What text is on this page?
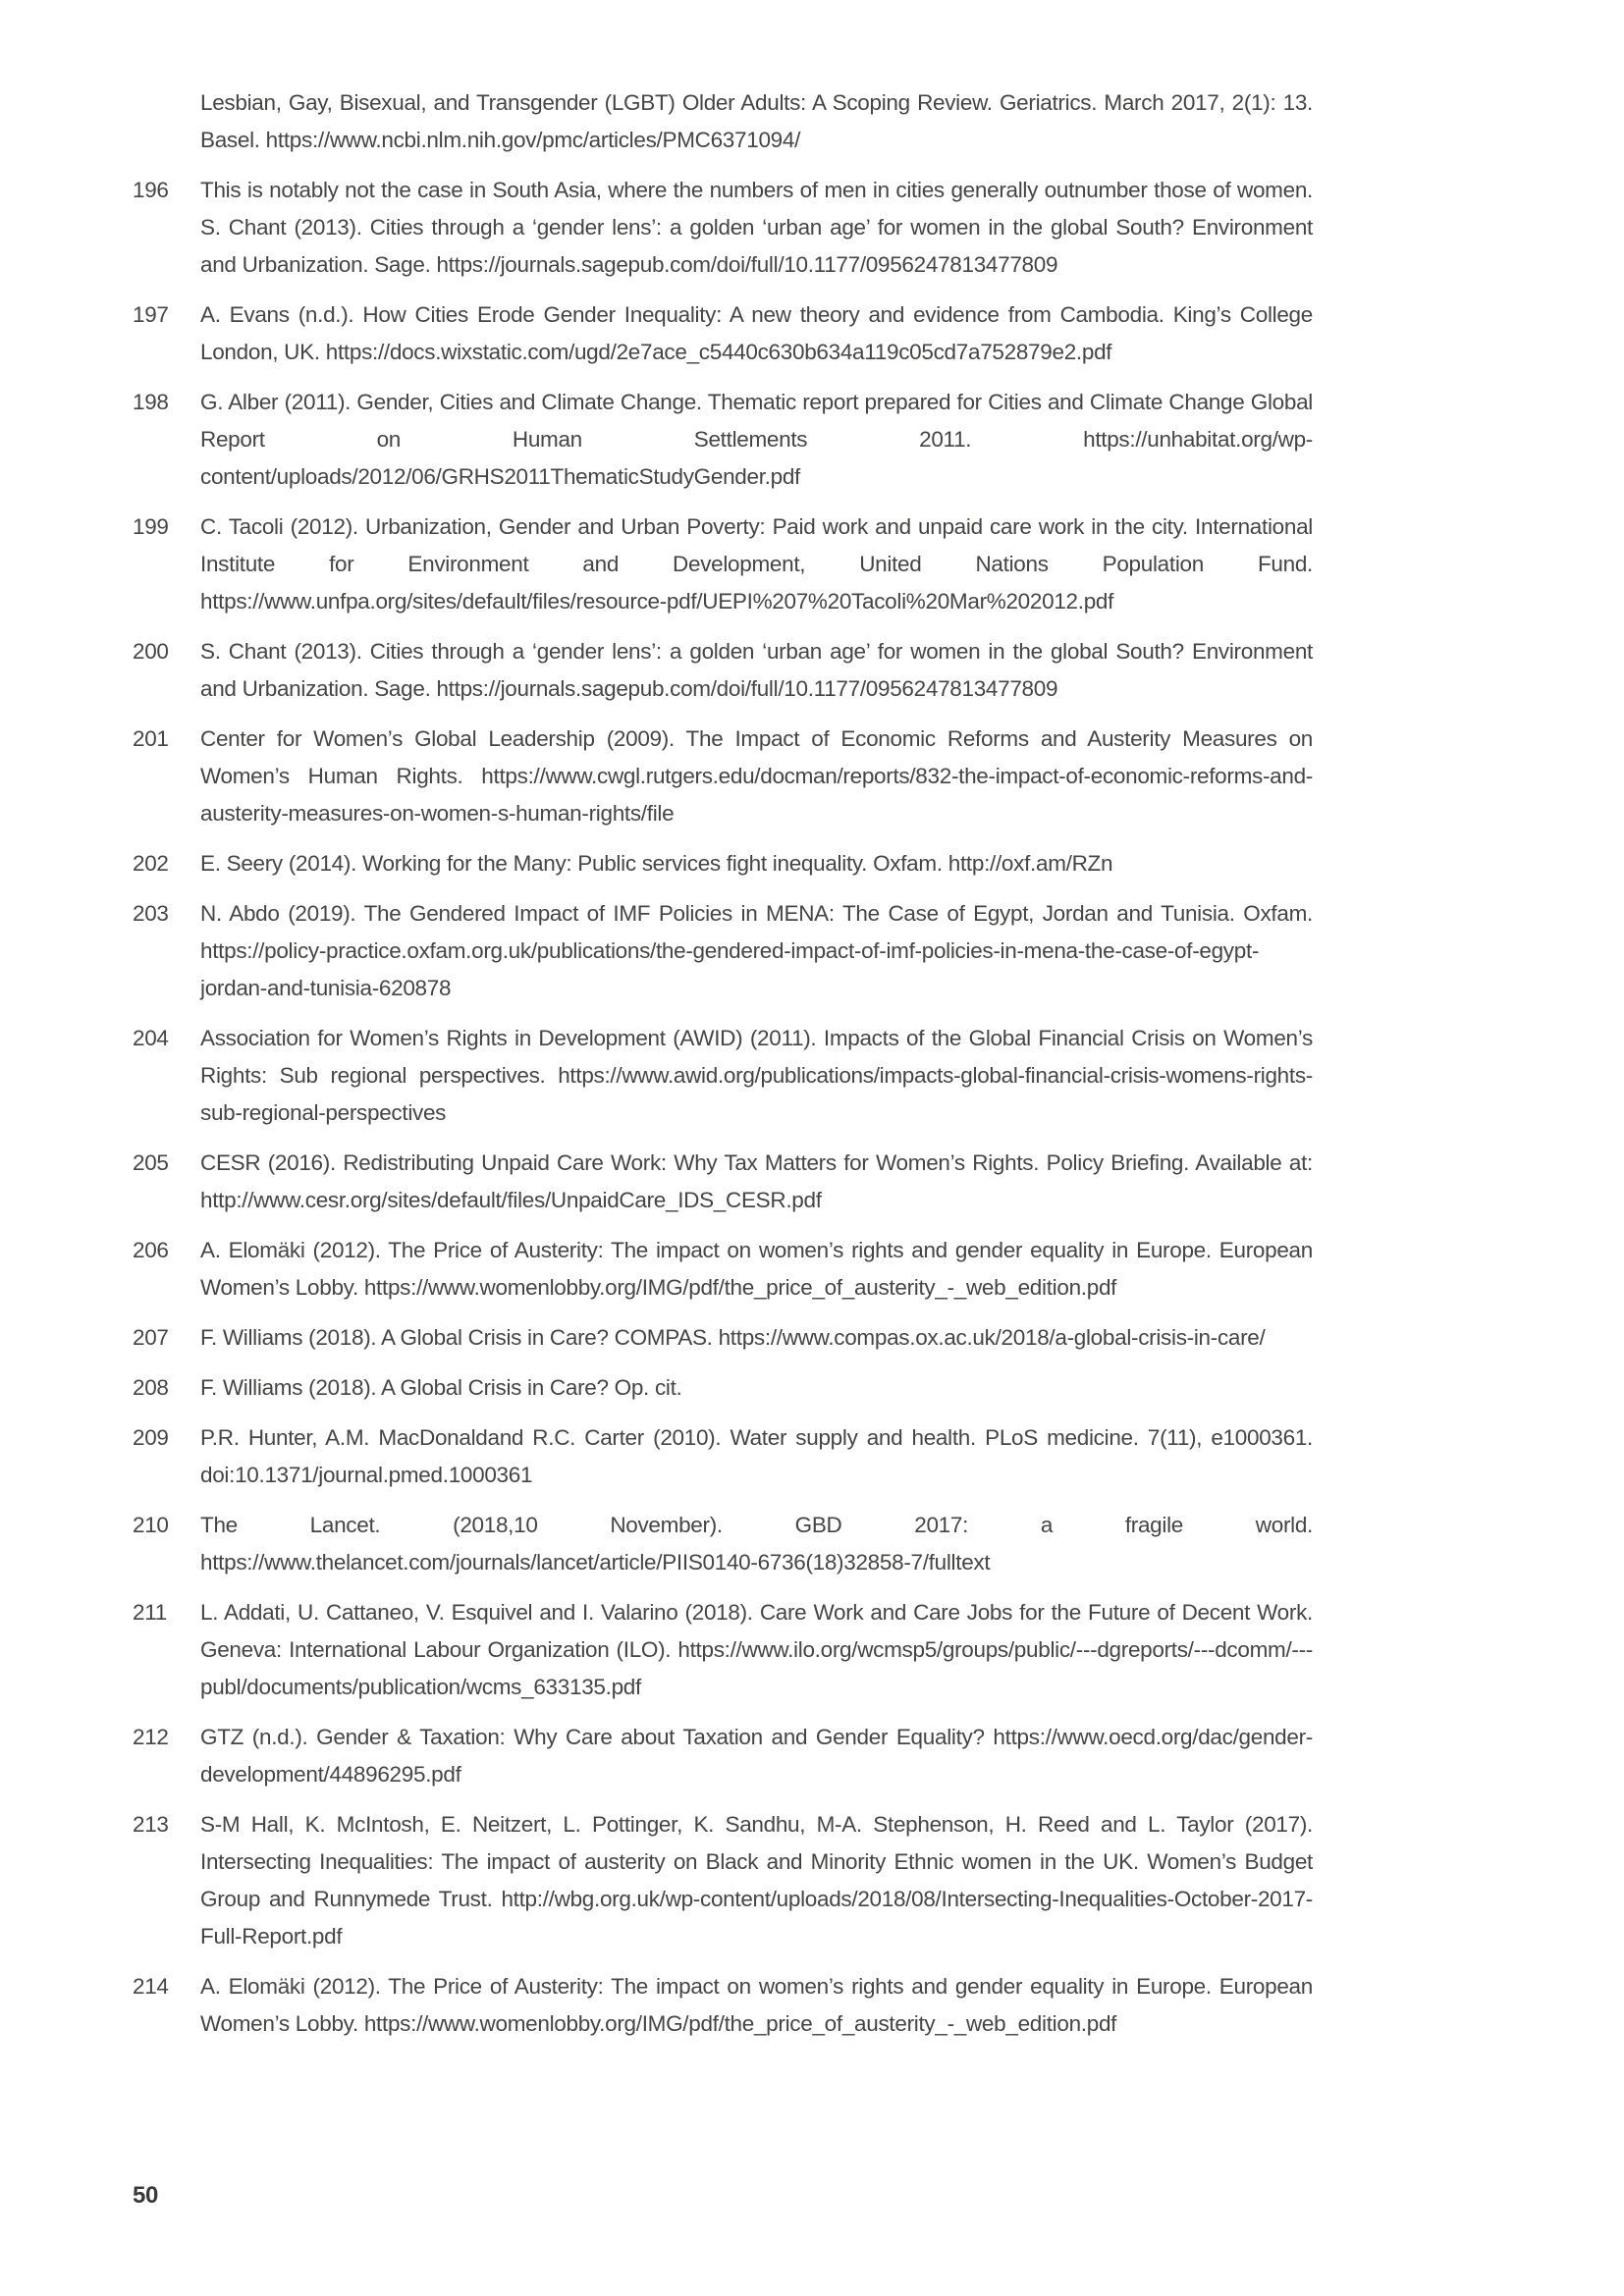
Lesbian, Gay, Bisexual, and Transgender (LGBT) Older Adults: A Scoping Review. Geriatrics. March 2017, 2(1): 13. Basel. https://www.ncbi.nlm.nih.gov/pmc/articles/PMC6371094/
196	This is notably not the case in South Asia, where the numbers of men in cities generally outnumber those of women. S. Chant (2013). Cities through a ‘gender lens’: a golden ‘urban age’ for women in the global South? Environment and Urbanization. Sage. https://journals.sagepub.com/doi/full/10.1177/0956247813477809
197	A. Evans (n.d.). How Cities Erode Gender Inequality: A new theory and evidence from Cambodia. King’s College London, UK. https://docs.wixstatic.com/ugd/2e7ace_c5440c630b634a119c05cd7a752879e2.pdf
198	G. Alber (2011). Gender, Cities and Climate Change. Thematic report prepared for Cities and Climate Change Global Report on Human Settlements 2011. https://unhabitat.org/wp-content/uploads/2012/06/GRHS2011ThematicStudyGender.pdf
199	C. Tacoli (2012). Urbanization, Gender and Urban Poverty: Paid work and unpaid care work in the city. International Institute for Environment and Development, United Nations Population Fund. https://www.unfpa.org/sites/default/files/resource-pdf/UEPI%207%20Tacoli%20Mar%202012.pdf
200	S. Chant (2013). Cities through a ‘gender lens’: a golden ‘urban age’ for women in the global South? Environment and Urbanization. Sage. https://journals.sagepub.com/doi/full/10.1177/0956247813477809
201	Center for Women’s Global Leadership (2009). The Impact of Economic Reforms and Austerity Measures on Women’s Human Rights. https://www.cwgl.rutgers.edu/docman/reports/832-the-impact-of-economic-reforms-and-austerity-measures-on-women-s-human-rights/file
202	E. Seery (2014). Working for the Many: Public services fight inequality. Oxfam. http://oxf.am/RZn
203	N. Abdo (2019). The Gendered Impact of IMF Policies in MENA: The Case of Egypt, Jordan and Tunisia. Oxfam. https://policy-practice.oxfam.org.uk/publications/the-gendered-impact-of-imf-policies-in-mena-the-case-of-egypt-jordan-and-tunisia-620878
204	Association for Women’s Rights in Development (AWID) (2011). Impacts of the Global Financial Crisis on Women’s Rights: Sub regional perspectives. https://www.awid.org/publications/impacts-global-financial-crisis-womens-rights-sub-regional-perspectives
205	CESR (2016). Redistributing Unpaid Care Work: Why Tax Matters for Women’s Rights. Policy Briefing. Available at: http://www.cesr.org/sites/default/files/UnpaidCare_IDS_CESR.pdf
206	A. Elomäki (2012). The Price of Austerity: The impact on women’s rights and gender equality in Europe. European Women’s Lobby. https://www.womenlobby.org/IMG/pdf/the_price_of_austerity_-_web_edition.pdf
207	F. Williams (2018). A Global Crisis in Care? COMPAS. https://www.compas.ox.ac.uk/2018/a-global-crisis-in-care/
208	F. Williams (2018). A Global Crisis in Care? Op. cit.
209	P.R. Hunter, A.M. MacDonaldand R.C. Carter (2010). Water supply and health. PLoS medicine. 7(11), e1000361. doi:10.1371/journal.pmed.1000361
210	The Lancet. (2018,10 November). GBD 2017: a fragile world. https://www.thelancet.com/journals/lancet/article/PIIS0140-6736(18)32858-7/fulltext
211	L. Addati, U. Cattaneo, V. Esquivel and I. Valarino (2018). Care Work and Care Jobs for the Future of Decent Work. Geneva: International Labour Organization (ILO). https://www.ilo.org/wcmsp5/groups/public/---dgreports/---dcomm/---publ/documents/publication/wcms_633135.pdf
212	GTZ (n.d.). Gender & Taxation: Why Care about Taxation and Gender Equality? https://www.oecd.org/dac/gender-development/44896295.pdf
213	S-M Hall, K. McIntosh, E. Neitzert, L. Pottinger, K. Sandhu, M-A. Stephenson, H. Reed and L. Taylor (2017). Intersecting Inequalities: The impact of austerity on Black and Minority Ethnic women in the UK. Women’s Budget Group and Runnymede Trust. http://wbg.org.uk/wp-content/uploads/2018/08/Intersecting-Inequalities-October-2017-Full-Report.pdf
214	A. Elomäki (2012). The Price of Austerity: The impact on women’s rights and gender equality in Europe. European Women’s Lobby. https://www.womenlobby.org/IMG/pdf/the_price_of_austerity_-_web_edition.pdf
50
